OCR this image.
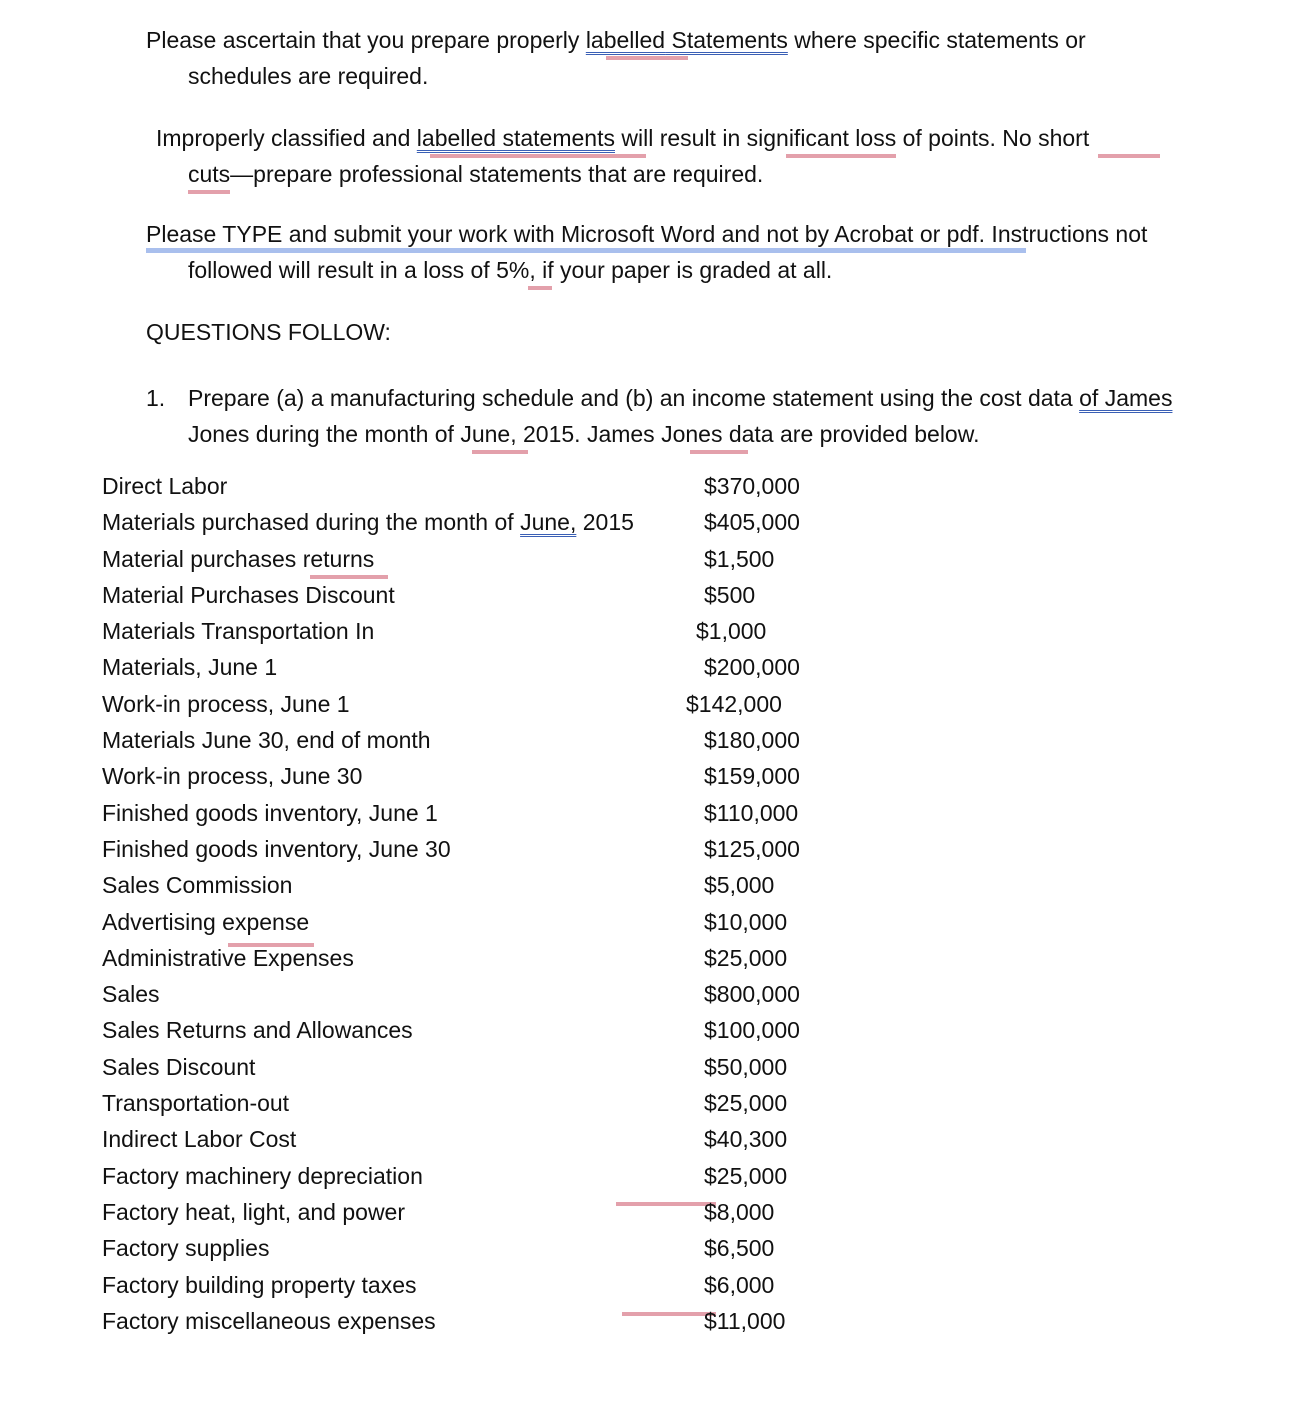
Please ascertain that you prepare properly labelled Statements where specific statements or

schedules are required.

Improperly classified and labelled statements will result in significant loss of points. No short

cuts—prepare professional statements that are required.

Please TYPE and submit your work with Microsoft Word and not by Acrobat or pdf. Instructions not

followed will result in a loss of 5%, if your paper is graded at all.

QUESTIONS FOLLOW:

1. Prepare (a) a manufacturing schedule and (b) an income statement using the cost data of James

Jones during the month of June, 2015. James Jones data are provided below.

Direct Labor	$370,000
Materials purchased during the month of June, 2015	$405,000
Material purchases returns	$1,500
Material Purchases Discount	$500
Materials Transportation In	$1,000
Materials, June 1	$200,000
Work-in process, June 1	$142,000
Materials June 30, end of month	$180,000
Work-in process, June 30	$159,000
Finished goods inventory, June 1	$110,000
Finished goods inventory, June 30	$125,000
Sales Commission	$5,000
Advertising expense	$10,000
Administrative Expenses	$25,000
Sales	$800,000
Sales Returns and Allowances	$100,000
Sales Discount	$50,000
Transportation-out	$25,000
Indirect Labor Cost	$40,300
Factory machinery depreciation	$25,000
Factory heat, light, and power	$8,000
Factory supplies	$6,500
Factory building property taxes	$6,000
Factory miscellaneous expenses	$11,000
